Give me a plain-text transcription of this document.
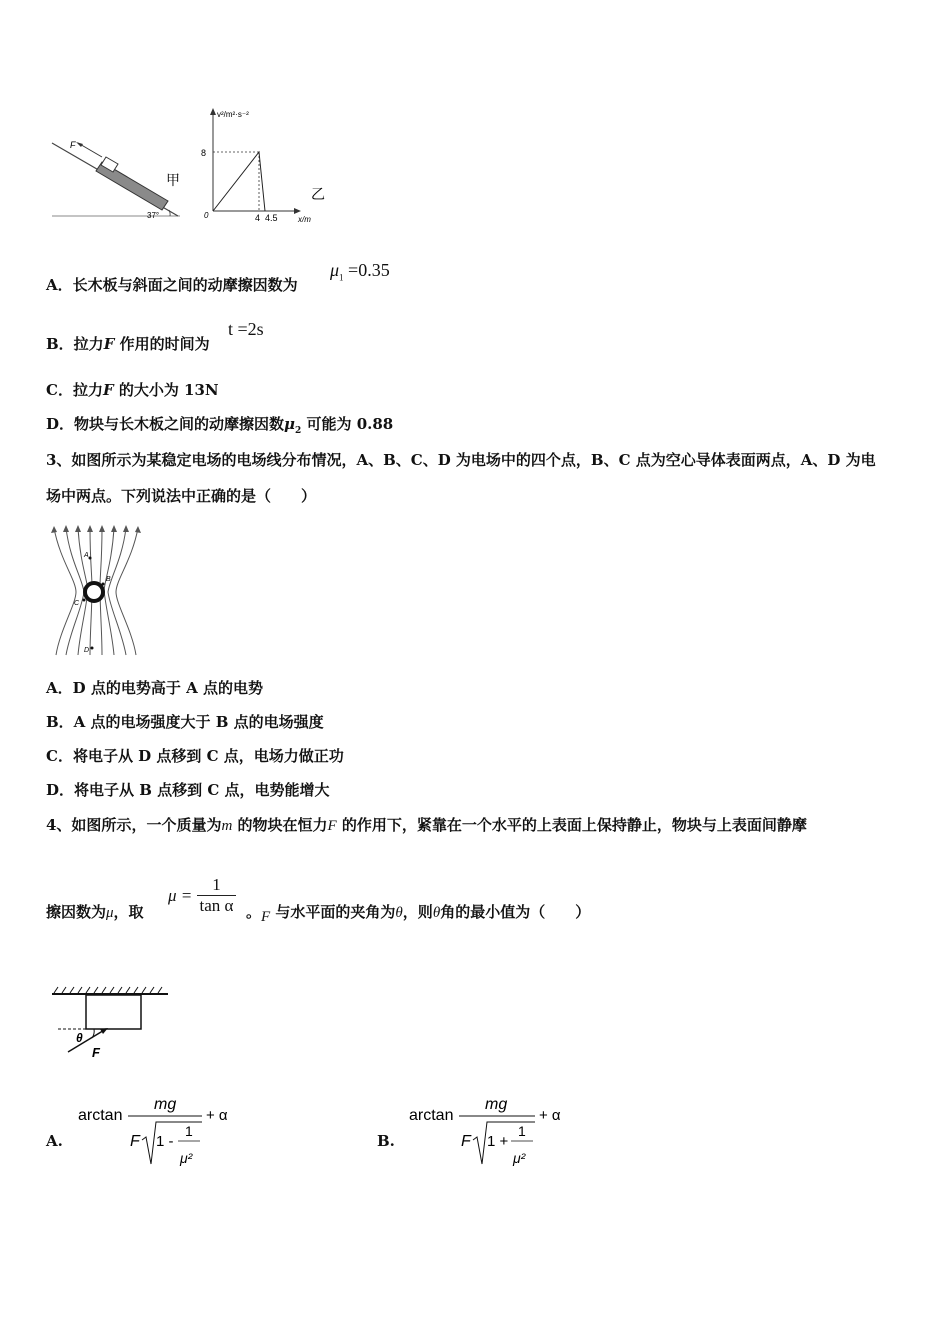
F
37°
甲
v²/m²·s⁻²
x/m
0
8
4 4.5
乙
A．长木板与斜面之间的动摩擦因数为
$\mu_1 =0.35$
B．拉力F 作用的时间为
t =2s
C．拉力F 的大小为 13N
D．物块与长木板之间的动摩擦因数$\mu_2$ 可能为 0.88
3、如图所示为某稳定电场的电场线分布情况，A、B、C、D 为电场中的四个点，B、C 点为空心导体表面两点，A、D 为电
场中两点。下列说法中正确的是（　　）
A
B
C
D
A．D 点的电势高于 A 点的电势
B．A 点的电场强度大于 B 点的电场强度
C．将电子从 D 点移到 C 点，电场力做正功
D．将电子从 B 点移到 C 点，电势能增大
4、如图所示，一个质量为m 的物块在恒力F 的作用下，紧靠在一个水平的上表面上保持静止，物块与上表面间静摩
擦因数为μ，取
$\mu = \frac{1}{\text{tan α}}$ 。F 与水平面的夹角为θ，则θ角的最小值为（　　）
θ
F
A.
arctan
mg
F 1 -
1
μ²
+ α
B.
arctan
mg
F 1 +
1
μ²
+ α
